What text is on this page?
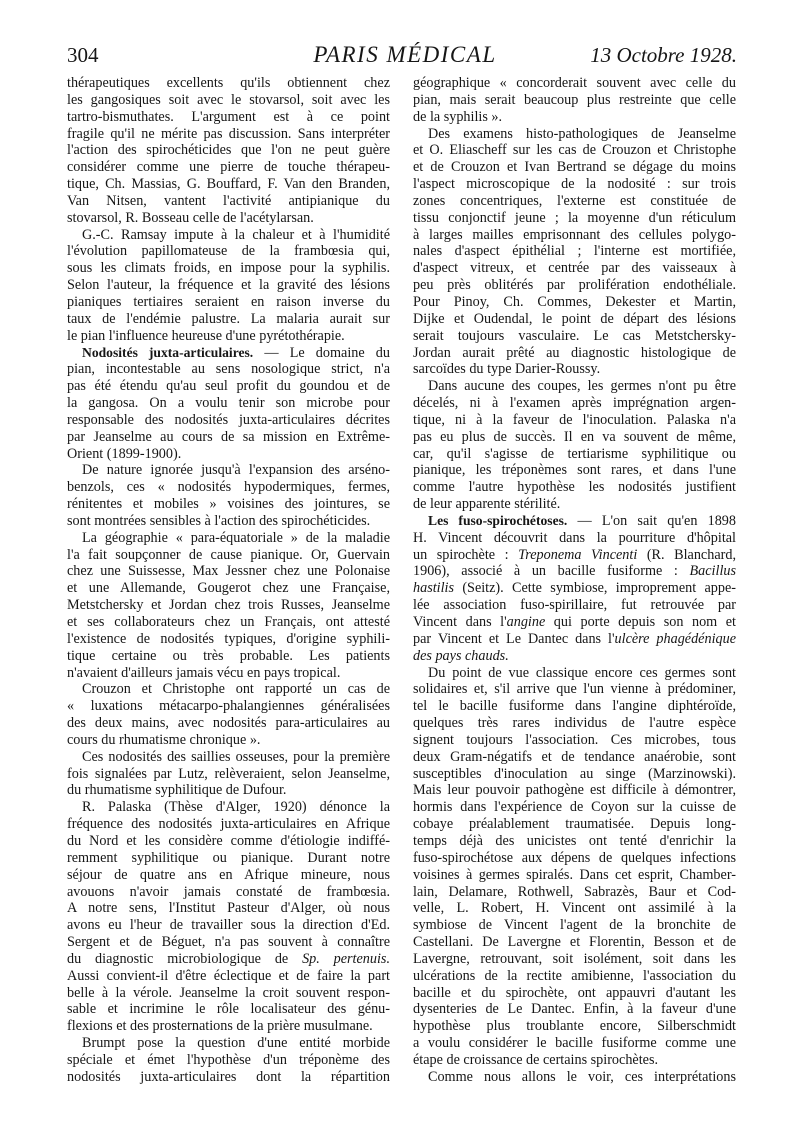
304	PARIS MÉDICAL	13 Octobre 1928.
thérapeutiques excellents qu'ils obtiennent chez
les gangosiques soit avec le stovarsol, soit avec les
tartro-bismuthates. L'argument est à ce point
fragile qu'il ne mérite pas discussion. Sans interpréter
l'action des spirochéticides que l'on ne peut guère
considérer comme une pierre de touche thérapeu-
tique, Ch. Massias, G. Bouffard, F. Van den Branden,
Van Nitsen, vantent l'activité antipianique du
stovarsol, R. Bosseau celle de l'acétylarsan.
G.-C. Ramsay impute à la chaleur et à l'humidité
l'évolution papillomateuse de la frambœsia qui,
sous les climats froids, en impose pour la syphilis.
Selon l'auteur, la fréquence et la gravité des lésions
pianiques tertiaires seraient en raison inverse du
taux de l'endémie palustre. La malaria aurait sur
le pian l'influence heureuse d'une pyrétothérapie.
Nodosités juxta-articulaires. — Le domaine du
pian, incontestable au sens nosologique strict, n'a
pas été étendu qu'au seul profit du goundou et de
la gangosa. On a voulu tenir son microbe pour
responsable des nodosités juxta-articulaires décrites
par Jeanselme au cours de sa mission en Extrême-
Orient (1899-1900).
De nature ignorée jusqu'à l'expansion des arséno-
benzols, ces « nodosités hypodermiques, fermes,
rénitentes et mobiles » voisines des jointures, se
sont montrées sensibles à l'action des spirochéticides.
La géographie « para-équatoriale » de la maladie
l'a fait soupçonner de cause pianique. Or, Guervain
chez une Suissesse, Max Jessner chez une Polonaise
et une Allemande, Gougerot chez une Française,
Metstchersky et Jordan chez trois Russes, Jeanselme
et ses collaborateurs chez un Français, ont attesté
l'existence de nodosités typiques, d'origine syphili-
tique certaine ou très probable. Les patients
n'avaient d'ailleurs jamais vécu en pays tropical.
Crouzon et Christophe ont rapporté un cas de
« luxations métacarpo-phalangiennes généralisées
des deux mains, avec nodosités para-articulaires au
cours du rhumatisme chronique ».
Ces nodosités des saillies osseuses, pour la première
fois signalées par Lutz, relèveraient, selon Jeanselme,
du rhumatisme syphilitique de Dufour.
R. Palaska (Thèse d'Alger, 1920) dénonce la
fréquence des nodosités juxta-articulaires en Afrique
du Nord et les considère comme d'étiologie indiffé-
remment syphilitique ou pianique. Durant notre
séjour de quatre ans en Afrique mineure, nous
avouons n'avoir jamais constaté de frambœsia.
A notre sens, l'Institut Pasteur d'Alger, où nous
avons eu l'heur de travailler sous la direction d'Ed.
Sergent et de Béguet, n'a pas souvent à connaître
du diagnostic microbiologique de Sp. pertenuis.
Aussi convient-il d'être éclectique et de faire la part
belle à la vérole. Jeanselme la croit souvent respon-
sable et incrimine le rôle localisateur des génu-
flexions et des prosternations de la prière musulmane.
Brumpt pose la question d'une entité morbide
spéciale et émet l'hypothèse d'un tréponème des
nodosités juxta-articulaires dont la répartition
géographique « concorderait souvent avec celle du
pian, mais serait beaucoup plus restreinte que celle
de la syphilis ».
Des examens histo-pathologiques de Jeanselme
et O. Eliascheff sur les cas de Crouzon et Christophe
et de Crouzon et Ivan Bertrand se dégage du moins
l'aspect microscopique de la nodosité : sur trois
zones concentriques, l'externe est constituée de
tissu conjonctif jeune ; la moyenne d'un réticulum
à larges mailles emprisonnant des cellules polygo-
nales d'aspect épithélial ; l'interne est mortifiée,
d'aspect vitreux, et centrée par des vaisseaux à
peu près oblitérés par prolifération endothéliale.
Pour Pinoy, Ch. Commes, Dekester et Martin,
Dijke et Oudendal, le point de départ des lésions
serait toujours vasculaire. Le cas Metstchersky-
Jordan aurait prêté au diagnostic histologique de
sarcoïdes du type Darier-Roussy.
Dans aucune des coupes, les germes n'ont pu être
décelés, ni à l'examen après imprégnation argen-
tique, ni à la faveur de l'inoculation. Palaska n'a
pas eu plus de succès. Il en va souvent de même,
car, qu'il s'agisse de tertiarisme syphilitique ou
pianique, les tréponèmes sont rares, et dans l'une
comme l'autre hypothèse les nodosités justifient
de leur apparente stérilité.
Les fuso-spirochétoses. — L'on sait qu'en 1898
H. Vincent découvrit dans la pourriture d'hôpital
un spirochète : Treponema Vincenti (R. Blanchard,
1906), associé à un bacille fusiforme : Bacillus
hastilis (Seitz). Cette symbiose, improprement appe-
lée association fuso-spirillaire, fut retrouvée par
Vincent dans l'angine qui porte depuis son nom et
par Vincent et Le Dantec dans l'ulcère phagédénique
des pays chauds.
Du point de vue classique encore ces germes sont
solidaires et, s'il arrive que l'un vienne à prédominer,
tel le bacille fusiforme dans l'angine diphtéroïde,
quelques très rares individus de l'autre espèce
signent toujours l'association. Ces microbes, tous
deux Gram-négatifs et de tendance anaérobie, sont
susceptibles d'inoculation au singe (Marzinowski).
Mais leur pouvoir pathogène est difficile à démontrer,
hormis dans l'expérience de Coyon sur la cuisse de
cobaye préalablement traumatisée. Depuis long-
temps déjà des unicistes ont tenté d'enrichir la
fuso-spirochétose aux dépens de quelques infections
voisines à germes spiralés. Dans cet esprit, Chamber-
lain, Delamare, Rothwell, Sabrazès, Baur et Cod-
velle, L. Robert, H. Vincent ont assimilé à la
symbiose de Vincent l'agent de la bronchite de
Castellani. De Lavergne et Florentin, Besson et de
Lavergne, retrouvant, soit isolément, soit dans les
ulcérations de la rectite amibienne, l'association du
bacille et du spirochète, ont appauvri d'autant les
dysenteries de Le Dantec. Enfin, à la faveur d'une
hypothèse plus troublante encore, Silberschmidt
a voulu considérer le bacille fusiforme comme une
étape de croissance de certains spirochètes.
Comme nous allons le voir, ces interprétations
